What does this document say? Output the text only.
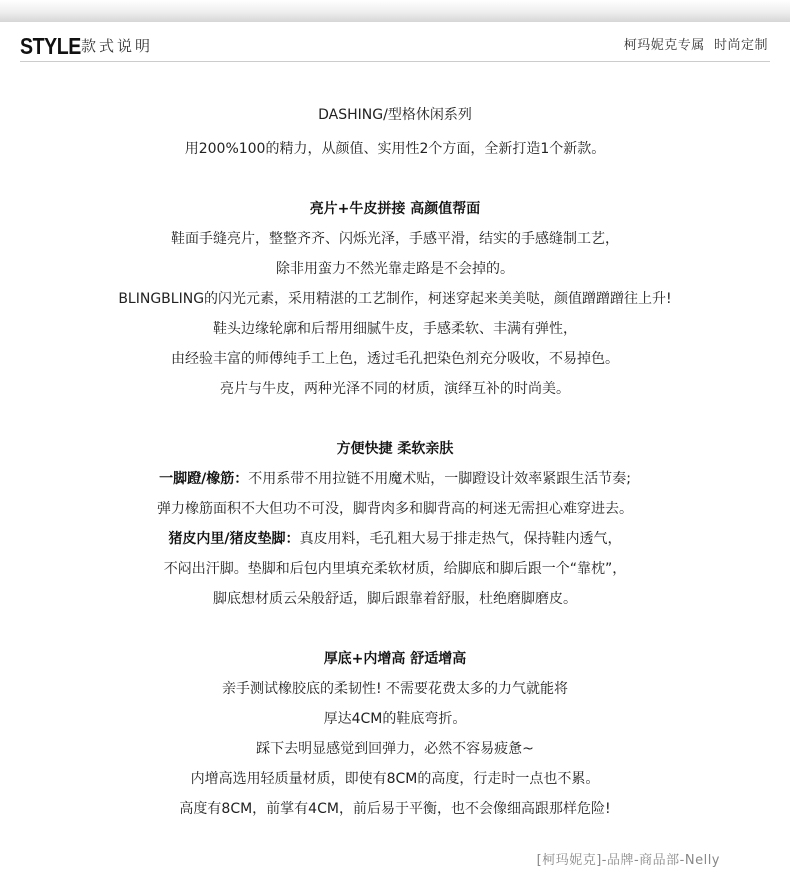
STYLE 款式说明	柯玛妮克专属  时尚定制
DASHING/型格休闲系列
用200%100的精力，从颜值、实用性2个方面，全新打造1个新款。
亮片+牛皮拼接 高颜值帮面
鞋面手缝亮片，整整齐齐、闪烁光泽，手感平滑，结实的手感缝制工艺，
除非用蛮力不然光靠走路是不会掉的。
BLINGBLING的闪光元素，采用精湛的工艺制作，柯迷穿起来美美哒，颜值蹭蹭蹭往上升!
鞋头边缘轮廓和后帮用细腻牛皮，手感柔软、丰满有弹性，
由经验丰富的师傅纯手工上色，透过毛孔把染色剂充分吸收，不易掉色。
亮片与牛皮，两种光泽不同的材质，演绎互补的时尚美。
方便快捷 柔软亲肤
一脚蹬/橡筋：不用系带不用拉链不用魔术贴，一脚蹬设计效率紧跟生活节奏;
弹力橡筋面积不大但功不可没，脚背肉多和脚背高的柯迷无需担心难穿进去。
猪皮内里/猪皮垫脚：真皮用料，毛孔粗大易于排走热气，保持鞋内透气，
不闷出汗脚。垫脚和后包内里填充柔软材质，给脚底和脚后跟一个“靠枕”，
脚底想材质云朵般舒适，脚后跟靠着舒服，杜绝磨脚磨皮。
厚底+内增高 舒适增高
亲手测试橡胶底的柔韧性! 不需要花费太多的力气就能将
厚达4CM的鞋底弯折。
踩下去明显感觉到回弹力，必然不容易疲惫~
内增高选用轻质量材质，即使有8CM的高度，行走时一点也不累。
高度有8CM，前掌有4CM，前后易于平衡，也不会像细高跟那样危险!
[柯玛妮克]-品牌-商品部-Nelly
